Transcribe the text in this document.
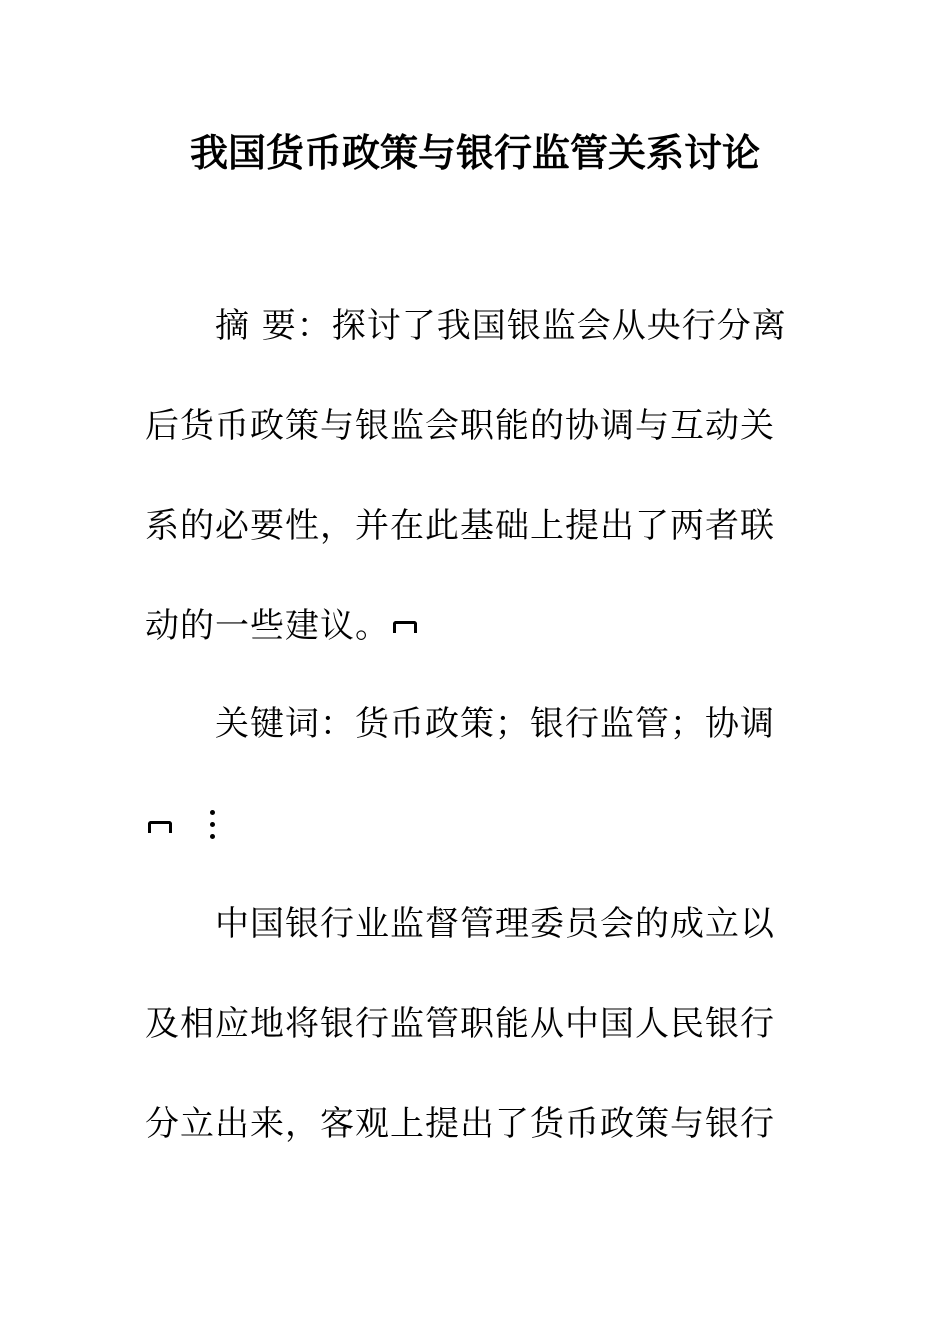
我国货币政策与银行监管关系讨论
摘 要：探讨了我国银监会从央行分离
后货币政策与银监会职能的协调与互动关
系的必要性，并在此基础上提出了两者联
动的一些建议。
关键词：货币政策；银行监管；协调
中国银行业监督管理委员会的成立以
及相应地将银行监管职能从中国人民银行
分立出来，客观上提出了货币政策与银行
